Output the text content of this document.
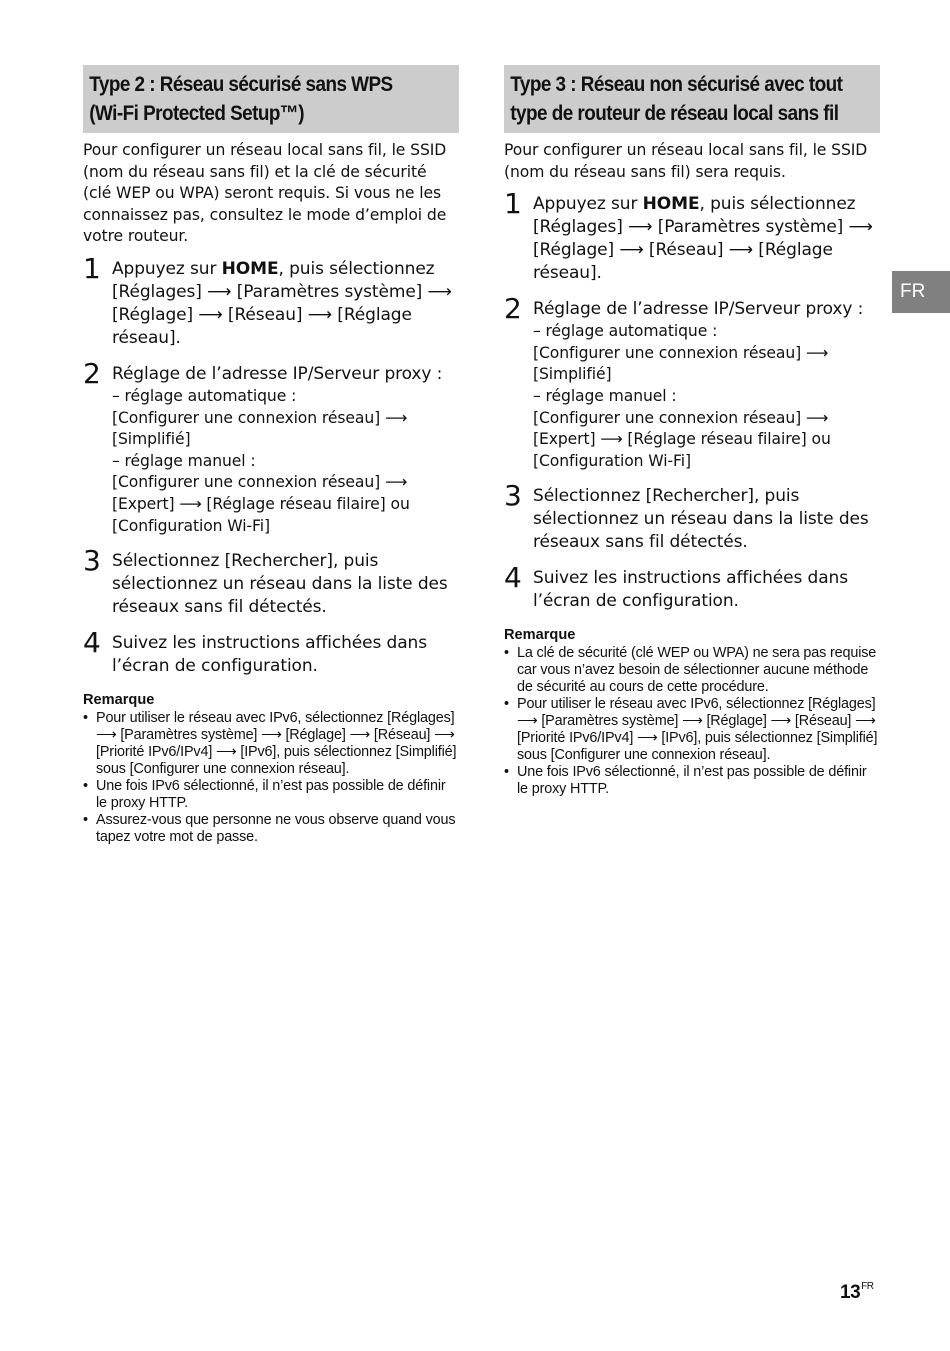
Type 2 : Réseau sécurisé sans WPS
(Wi-Fi Protected Setup™)

Pour configurer un réseau local sans fil, le SSID (nom du réseau sans fil) et la clé de sécurité (clé WEP ou WPA) seront requis. Si vous ne les connaissez pas, consultez le mode d’emploi de votre routeur.

1 Appuyez sur HOME, puis sélectionnez [Réglages] ⟶ [Paramètres système] ⟶ [Réglage] ⟶ [Réseau] ⟶ [Réglage réseau].
2 Réglage de l’adresse IP/Serveur proxy :
– réglage automatique :
[Configurer une connexion réseau] ⟶
[Simplifié]
– réglage manuel :
[Configurer une connexion réseau] ⟶
[Expert] ⟶ [Réglage réseau filaire] ou
[Configuration Wi-Fi]
3 Sélectionnez [Rechercher], puis sélectionnez un réseau dans la liste des réseaux sans fil détectés.
4 Suivez les instructions affichées dans l’écran de configuration.
Remarque
• Pour utiliser le réseau avec IPv6, sélectionnez [Réglages] ⟶ [Paramètres système] ⟶ [Réglage] ⟶ [Réseau] ⟶ [Priorité IPv6/IPv4] ⟶ [IPv6], puis sélectionnez [Simplifié] sous [Configurer une connexion réseau].
• Une fois IPv6 sélectionné, il n’est pas possible de définir le proxy HTTP.
• Assurez-vous que personne ne vous observe quand vous tapez votre mot de passe.
Type 3 : Réseau non sécurisé avec tout
type de routeur de réseau local sans fil

Pour configurer un réseau local sans fil, le SSID (nom du réseau sans fil) sera requis.

1 Appuyez sur HOME, puis sélectionnez [Réglages] ⟶ [Paramètres système] ⟶ [Réglage] ⟶ [Réseau] ⟶ [Réglage réseau].
2 Réglage de l’adresse IP/Serveur proxy :
– réglage automatique :
[Configurer une connexion réseau] ⟶
[Simplifié]
– réglage manuel :
[Configurer une connexion réseau] ⟶
[Expert] ⟶ [Réglage réseau filaire] ou
[Configuration Wi-Fi]
3 Sélectionnez [Rechercher], puis sélectionnez un réseau dans la liste des réseaux sans fil détectés.
4 Suivez les instructions affichées dans l’écran de configuration.
Remarque
• La clé de sécurité (clé WEP ou WPA) ne sera pas requise car vous n’avez besoin de sélectionner aucune méthode de sécurité au cours de cette procédure.
• Pour utiliser le réseau avec IPv6, sélectionnez [Réglages] ⟶ [Paramètres système] ⟶ [Réglage] ⟶ [Réseau] ⟶ [Priorité IPv6/IPv4] ⟶ [IPv6], puis sélectionnez [Simplifié] sous [Configurer une connexion réseau].
• Une fois IPv6 sélectionné, il n’est pas possible de définir le proxy HTTP.
FR
$13^{FR}$
